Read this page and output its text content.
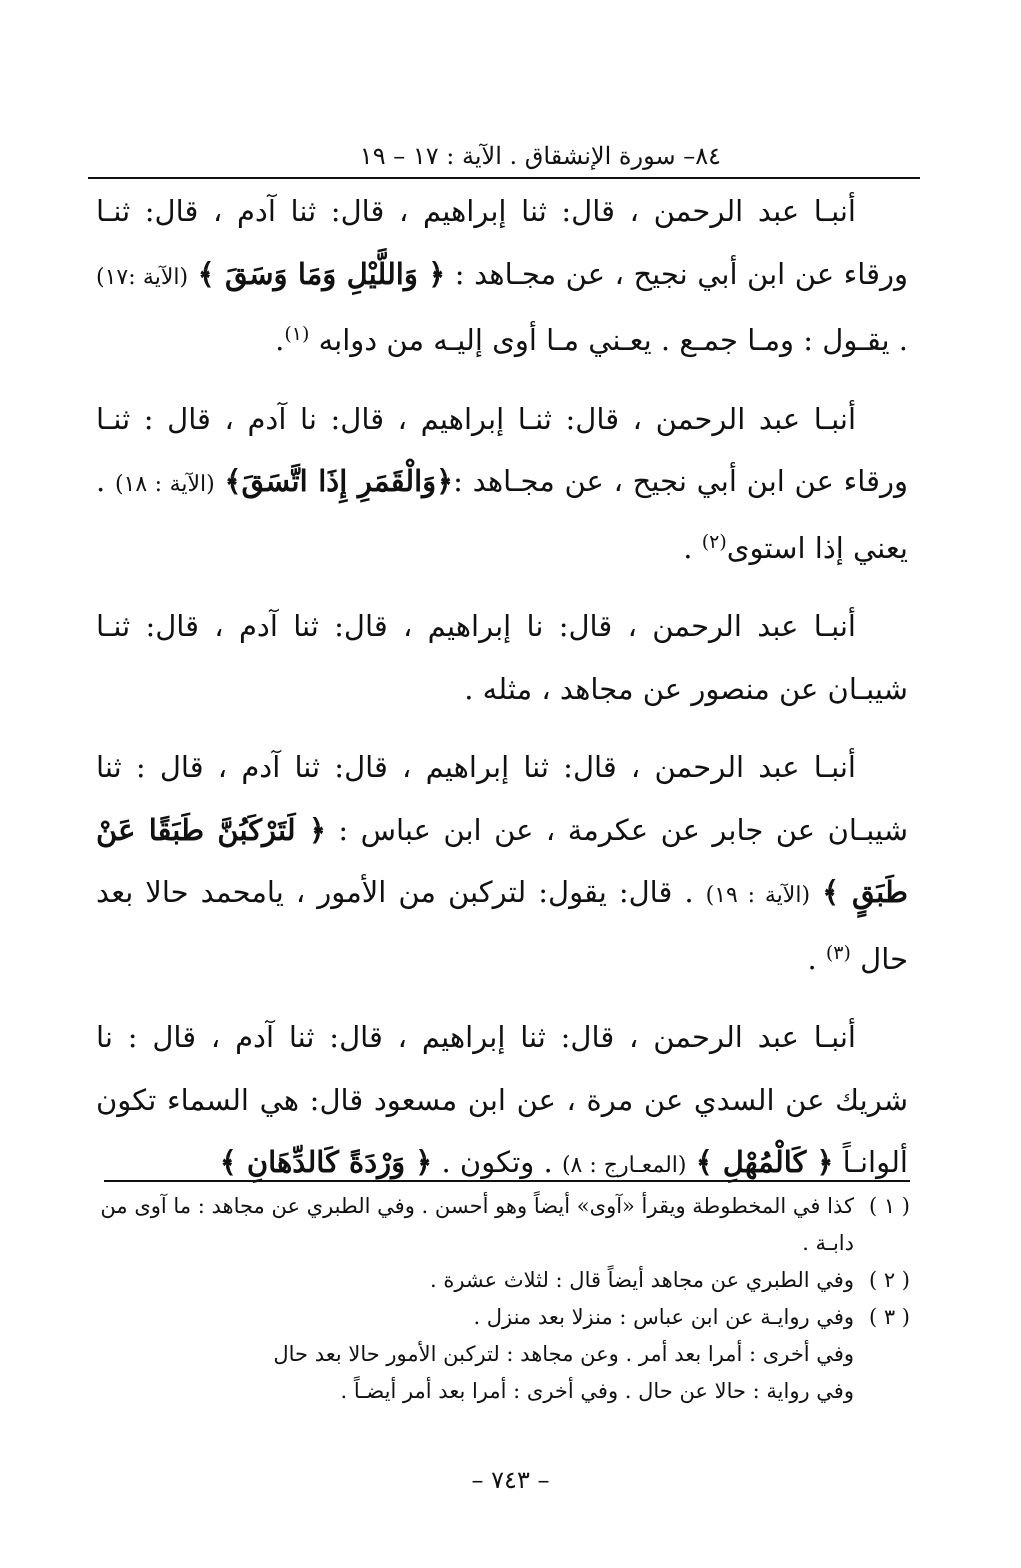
٨٤– سورة الإنشقاق . الآية : ١٧ – ١٩

أنبـا عبد الرحمن ، قال: ثنا إبراهيم ، قال: ثنا آدم ، قال: ثنـا ورقاء عن ابن أبي نجيح ، عن مجـاهد : ﴿ وَاللَّيْلِ وَمَا وَسَقَ ﴾ (الآية :١٧) . يقـول : ومـا جمـع . يعـني مـا أوى إليـه من دوابه $^{(١)}$.

أنبـا عبد الرحمن ، قال: ثنـا إبراهيم ، قال: نا آدم ، قال : ثنـا ورقاء عن ابن أبي نجيح ، عن مجـاهد :﴿وَالْقَمَرِ إِذَا اتَّسَقَ﴾ (الآية : ١٨) . يعني إذا استوى$^{(٢)}$ .

أنبـا عبد الرحمن ، قال: نا إبراهيم ، قال: ثنا آدم ، قال: ثنـا شيبـان عن منصور عن مجاهد ، مثله .

أنبـا عبد الرحمن ، قال: ثنا إبراهيم ، قال: ثنا آدم ، قال : ثنا شيبـان عن جابر عن عكرمة ، عن ابن عباس : ﴿ لَتَرْكَبُنَّ طَبَقًا عَنْ طَبَقٍ ﴾ (الآية : ١٩) . قال: يقول: لتركبن من الأمور ، يامحمد حالا بعد حال $^{(٣)}$ .

أنبـا عبد الرحمن ، قال: ثنا إبراهيم ، قال: ثنا آدم ، قال : نا شريك عن السدي عن مرة ، عن ابن مسعود قال: هي السماء تكون ألوانـاً ﴿ كَالْمُهْلِ ﴾ (المعـارج : ٨) . وتكون . ﴿ وَرْدَةً كَالدِّهَانِ ﴾

( ١ )
كذا في المخطوطة ويقرأ «آوى» أيضاً وهو أحسن . وفي الطبري عن مجاهد : ما آوى من دابـة .
( ٢ )
وفي الطبري عن مجاهد أيضاً قال : لثلاث عشرة .
( ٣ )
وفي روايـة عن ابن عباس : منزلا بعد منزل .
وفي أخرى : أمرا بعد أمر . وعن مجاهد : لتركبن الأمور حالا بعد حال
وفي رواية : حالا عن حال . وفي أخرى : أمرا بعد أمر أيضـاً .
– ٧٤٣ –
